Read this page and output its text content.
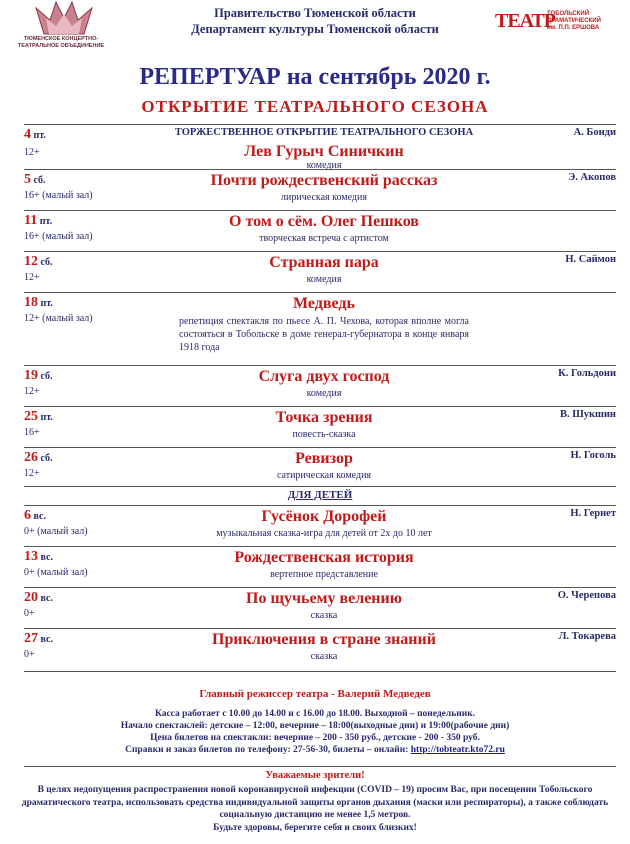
ТЮМЕНСКОЕ КОНЦЕРТНО-ТЕАТРАЛЬНОЕ ОБЪЕДИНЕНИЕ
Правительство Тюменской области
Департамент культуры Тюменской области	ТЕАТР
ТОБОЛЬСКИЙ ДРАМАТИЧЕСКИЙ им. П.П. ЕРШОВА
РЕПЕРТУАР на сентябрь 2020 г.
ОТКРЫТИЕ ТЕАТРАЛЬНОГО СЕЗОНА
4 пт.
12+
ТОРЖЕСТВЕННОЕ ОТКРЫТИЕ ТЕАТРАЛЬНОГО СЕЗОНА
Лев Гурыч Синичкин
комедия
А. Бонди
5 сб.
16+ (малый зал)
Почти рождественский рассказ
лирическая комедия
Э. Акопов
11 пт.
16+ (малый зал)
О том о сём. Олег Пешков
творческая встреча с артистом
12 сб.
12+
Странная пара
комедия
Н. Саймон
18 пт.
12+ (малый зал)
Медведь
репетиция спектакля по пьесе А. П. Чехова, которая вполне могла состояться в Тобольске в доме генерал-губернатора в конце января 1918 года
19 сб.
12+
Слуга двух господ
комедия
К. Гольдони
25 пт.
16+
Точка зрения
повесть-сказка
В. Шукшин
26 сб.
12+
Ревизор
сатирическая комедия
Н. Гоголь
ДЛЯ ДЕТЕЙ
6 вс.
0+ (малый зал)
Гусёнок Дорофей
музыкальная сказка-игра для детей от 2х до 10 лет
Н. Гернет
13 вс.
0+ (малый зал)
Рождественская история
вертепное представление
20 вс.
0+
По щучьему велению
сказка
О. Черепова
27 вс.
0+
Приключения в стране знаний
сказка
Л. Токарева
Главный режиссер театра - Валерий Медведев
Касса работает с 10.00 до 14.00 и с 16.00 до 18.00. Выходной – понедельник.
Начало спектаклей: детские – 12:00, вечерние – 18:00(выходные дни) и 19:00(рабочие дни)
Цена билетов на спектакли: вечерние – 200 - 350 руб., детские - 200 - 350 руб.
Справки и заказ билетов по телефону: 27-56-30, билеты – онлайн: http://tobteatr.kto72.ru
Уважаемые зрители!
В целях недопущения распространения новой коронавирусной инфекции (COVID – 19) просим Вас, при посещении Тобольского драматического театра, использовать средства индивидуальной защиты органов дыхания (маски или респираторы), а также соблюдать социальную дистанцию не менее 1,5 метров.
Будьте здоровы, берегите себя и своих близких!
